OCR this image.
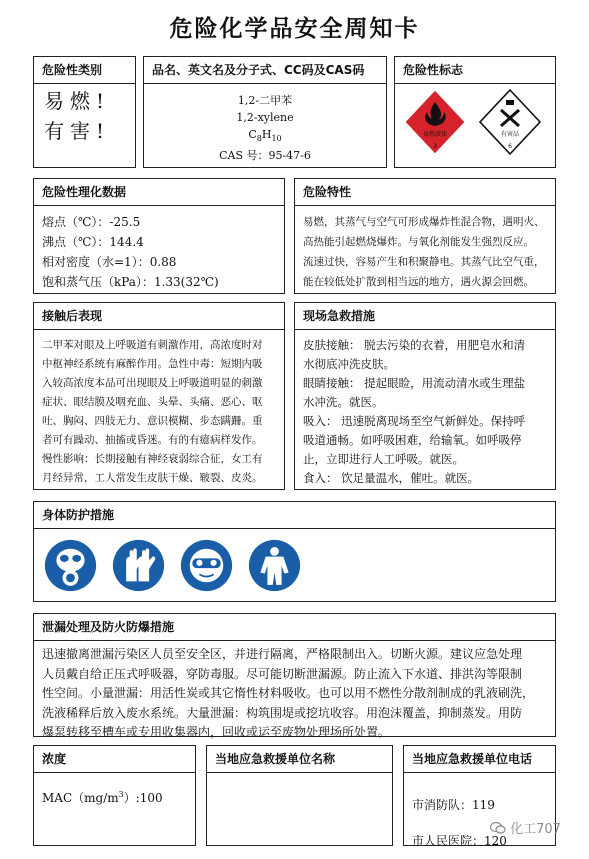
危险化学品安全周知卡
危险性类别
易燃!
有害!
品名、英文名及分子式、CC码及CAS码
1,2-二甲苯
1,2-xylene
$C_8H_{10}$
CAS 号：95-47-6
危险性标志
易燃液体
3
有害品
6
危险性理化数据
熔点（℃）：-25.5
沸点（℃）：144.4
相对密度（水=1）：0.88
饱和蒸气压（kPa）：1.33(32℃)
危险特性
易燃，其蒸气与空气可形成爆炸性混合物，遇明火、
高热能引起燃烧爆炸。与氧化剂能发生强烈反应。
流速过快，容易产生和积聚静电。其蒸气比空气重，
能在较低处扩散到相当远的地方，遇火源会回燃。
接触后表现
二甲苯对眼及上呼吸道有刺激作用，高浓度时对
中枢神经系统有麻醉作用。急性中毒：短期内吸
入较高浓度本品可出现眼及上呼吸道明显的刺激
症状、眼结膜及咽充血、头晕、头痛、恶心、呕
吐、胸闷、四肢无力、意识模糊、步态蹒跚。重
者可有躁动、抽搐或昏迷。有的有癔病样发作。
慢性影响：长期接触有神经衰弱综合征，女工有
月经异常，工人常发生皮肤干燥、皲裂、皮炎。
现场急救措施
皮肤接触： 脱去污染的衣着，用肥皂水和清
水彻底冲洗皮肤。
眼睛接触： 提起眼睑，用流动清水或生理盐
水冲洗。就医。
吸入： 迅速脱离现场至空气新鲜处。保持呼
吸道通畅。如呼吸困难，给输氧。如呼吸停
止，立即进行人工呼吸。就医。
食入： 饮足量温水，催吐。就医。
身体防护措施
泄漏处理及防火防爆措施
迅速撤离泄漏污染区人员至安全区，并进行隔离，严格限制出入。切断火源。建议应急处理
人员戴自给正压式呼吸器，穿防毒服。尽可能切断泄漏源。防止流入下水道、排洪沟等限制
性空间。小量泄漏：用活性炭或其它惰性材料吸收。也可以用不燃性分散剂制成的乳液刷洗，
洗液稀释后放入废水系统。大量泄漏：构筑围堤或挖坑收容。用泡沫覆盖，抑制蒸发。用防
爆泵转移至槽车或专用收集器内，回收或运至废物处理场所处置。
浓度
$MAC(mg/m^3):100$
当地应急救援单位名称	当地应急救援单位电话
市消防队：119
市人民医院：120
化工707
